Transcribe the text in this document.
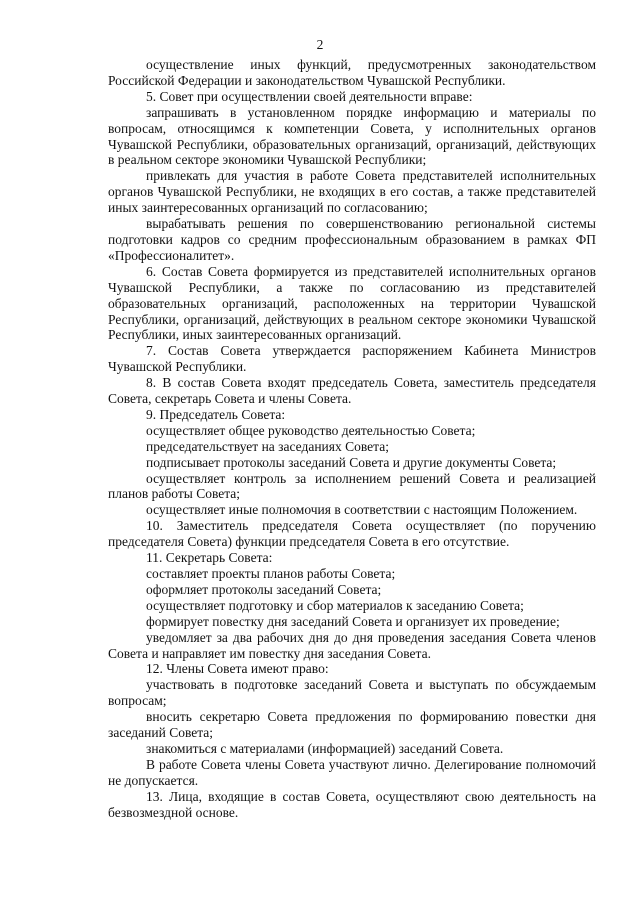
2

осуществление иных функций, предусмотренных законодательством Российской Федерации и законодательством Чувашской Республики.

5. Совет при осуществлении своей деятельности вправе:

запрашивать в установленном порядке информацию и материалы по вопросам, относящимся к компетенции Совета, у исполнительных органов Чувашской Республики, образовательных организаций, организаций, действующих в реальном секторе экономики Чувашской Республики;

привлекать для участия в работе Совета представителей исполнительных органов Чувашской Республики, не входящих в его состав, а также представителей иных заинтересованных организаций по согласованию;

вырабатывать решения по совершенствованию региональной системы подготовки кадров со средним профессиональным образованием в рамках ФП «Профессионалитет».

6. Состав Совета формируется из представителей исполнительных органов Чувашской Республики, а также по согласованию из представителей образовательных организаций, расположенных на территории Чувашской Республики, организаций, действующих в реальном секторе экономики Чувашской Республики, иных заинтересованных организаций.

7. Состав Совета утверждается распоряжением Кабинета Министров Чувашской Республики.

8. В состав Совета входят председатель Совета, заместитель председателя Совета, секретарь Совета и члены Совета.

9. Председатель Совета:

осуществляет общее руководство деятельностью Совета;

председательствует на заседаниях Совета;

подписывает протоколы заседаний Совета и другие документы Совета;

осуществляет контроль за исполнением решений Совета и реализацией планов работы Совета;

осуществляет иные полномочия в соответствии с настоящим Положением.

10. Заместитель председателя Совета осуществляет (по поручению председателя Совета) функции председателя Совета в его отсутствие.

11. Секретарь Совета:

составляет проекты планов работы Совета;

оформляет протоколы заседаний Совета;

осуществляет подготовку и сбор материалов к заседанию Совета;

формирует повестку дня заседаний Совета и организует их проведение;

уведомляет за два рабочих дня до дня проведения заседания Совета членов Совета и направляет им повестку дня заседания Совета.

12. Члены Совета имеют право:

участвовать в подготовке заседаний Совета и выступать по обсуждаемым вопросам;

вносить секретарю Совета предложения по формированию повестки дня заседаний Совета;

знакомиться с материалами (информацией) заседаний Совета.

В работе Совета члены Совета участвуют лично. Делегирование полномочий не допускается.

13. Лица, входящие в состав Совета, осуществляют свою деятельность на безвозмездной основе.
